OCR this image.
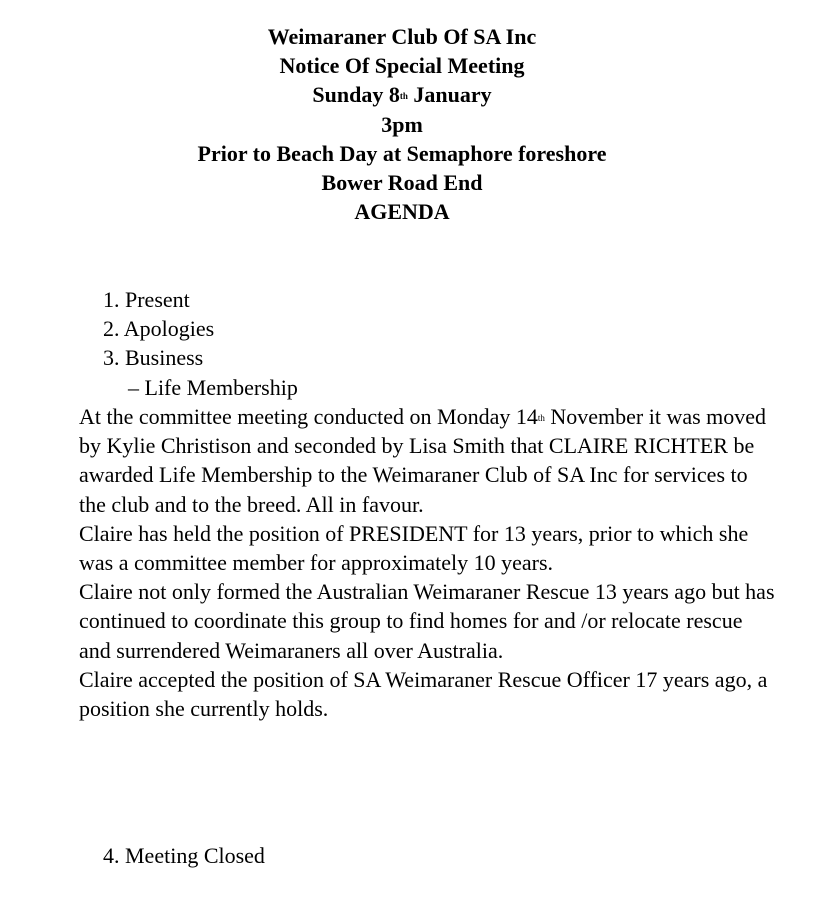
Weimaraner Club Of SA Inc
Notice Of Special Meeting
Sunday 8th January
3pm
Prior to Beach Day at Semaphore foreshore
Bower Road End
AGENDA
1. Present
2. Apologies
3. Business
– Life Membership

At the committee meeting conducted on Monday 14th November it was moved by Kylie Christison and seconded by Lisa Smith that CLAIRE RICHTER be awarded Life Membership to the Weimaraner Club of SA Inc for services to the club and to the breed. All in favour.

Claire has held the position of PRESIDENT for 13 years, prior to which she was a committee member for approximately 10 years.

Claire not only formed the Australian Weimaraner Rescue 13 years ago but has continued to coordinate this group to find homes for and /or relocate rescue and surrendered Weimaraners all over Australia.

Claire accepted the position of SA Weimaraner Rescue Officer 17 years ago, a position she currently holds.

4. Meeting Closed
